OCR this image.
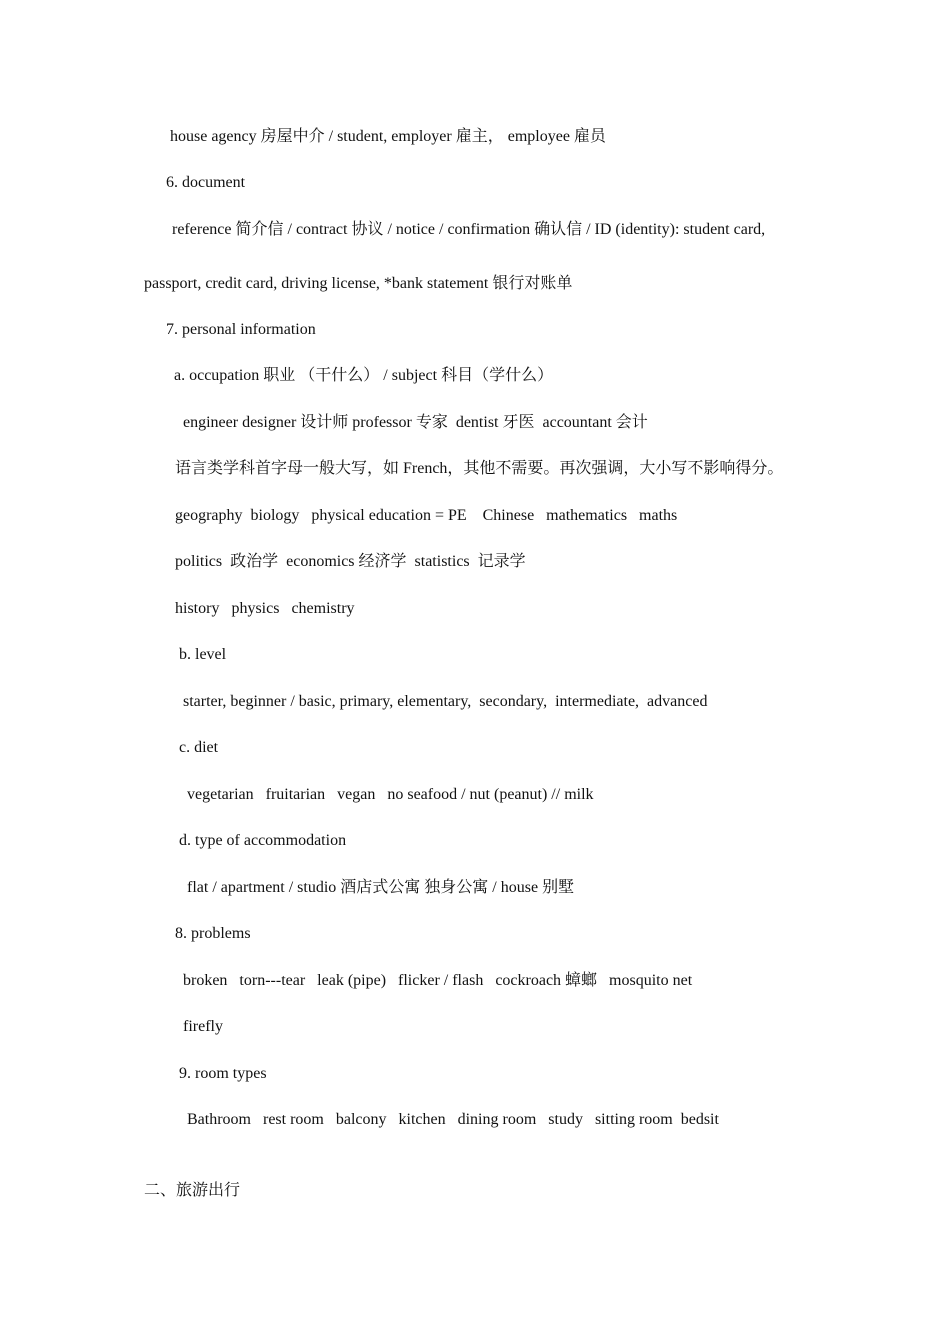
house agency 房屋中介 / student, employer 雇主， employee 雇员
6. document
reference 简介信 / contract 协议 / notice / confirmation 确认信 / ID (identity): student card,
passport, credit card, driving license, *bank statement 银行对账单
7. personal information
a. occupation 职业 （干什么） / subject 科目（学什么）
engineer designer 设计师 professor 专家  dentist 牙医  accountant 会计
语言类学科首字母一般大写，如 French，其他不需要。再次强调，大小写不影响得分。
geography  biology   physical education = PE    Chinese   mathematics   maths
politics  政治学  economics 经济学  statistics  记录学
history   physics   chemistry
b. level
starter, beginner / basic, primary, elementary,  secondary,  intermediate,  advanced
c. diet
vegetarian   fruitarian   vegan   no seafood / nut (peanut) // milk
d. type of accommodation
flat / apartment / studio 酒店式公寓 独身公寓 / house 别墅
8. problems
broken   torn---tear   leak (pipe)   flicker / flash   cockroach 蟑螂   mosquito net
firefly
9. room types
Bathroom   rest room   balcony   kitchen   dining room   study   sitting room  bedsit
二、旅游出行
